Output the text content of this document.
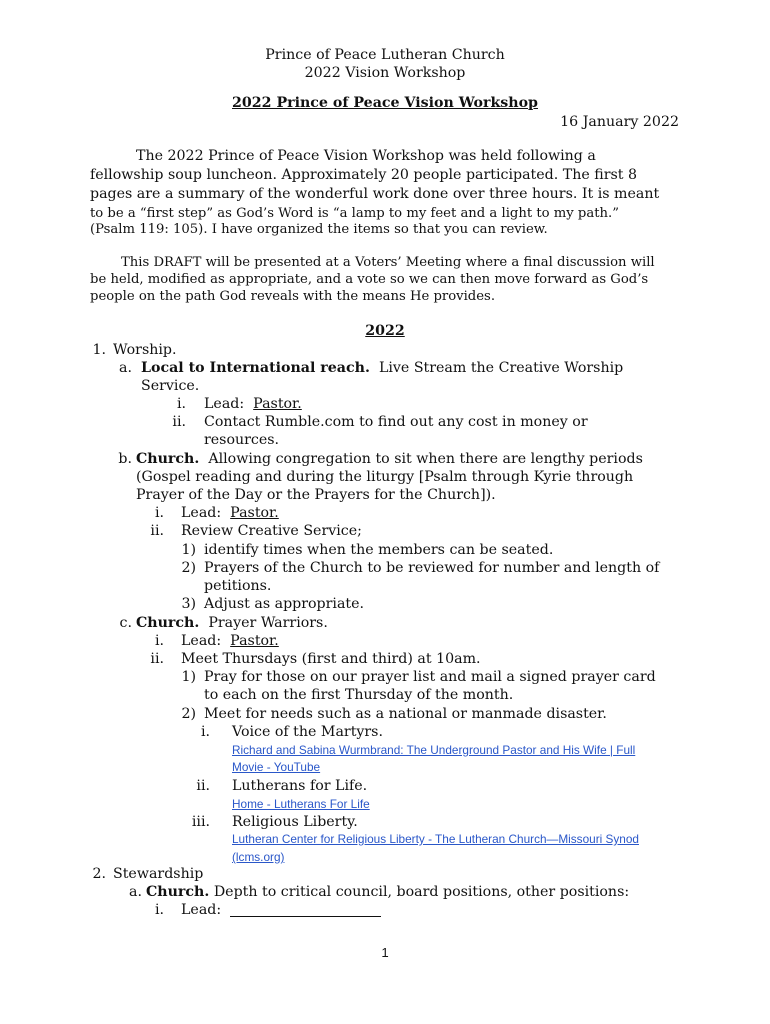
Prince of Peace Lutheran Church
2022 Vision Workshop
2022 Prince of Peace Vision Workshop
16 January 2022
The 2022 Prince of Peace Vision Workshop was held following a
fellowship soup luncheon. Approximately 20 people participated. The first 8
pages are a summary of the wonderful work done over three hours. It is meant
to be a “first step” as God’s Word is “a lamp to my feet and a light to my path.”
(Psalm 119: 105). I have organized the items so that you can review.
This DRAFT will be presented at a Voters’ Meeting where a final discussion will
be held, modified as appropriate, and a vote so we can then move forward as God’s
people on the path God reveals with the means He provides.
2022
1. Worship.
a. Local to International reach. Live Stream the Creative Worship
Service.
i. Lead: Pastor.
ii. Contact Rumble.com to find out any cost in money or
resources.
b. Church. Allowing congregation to sit when there are lengthy periods
(Gospel reading and during the liturgy [Psalm through Kyrie through
Prayer of the Day or the Prayers for the Church]).
i. Lead: Pastor.
ii. Review Creative Service;
1) identify times when the members can be seated.
2) Prayers of the Church to be reviewed for number and length of
petitions.
3) Adjust as appropriate.
c. Church. Prayer Warriors.
i. Lead: Pastor.
ii. Meet Thursdays (first and third) at 10am.
1) Pray for those on our prayer list and mail a signed prayer card
to each on the first Thursday of the month.
2) Meet for needs such as a national or manmade disaster.
i. Voice of the Martyrs.
Richard and Sabina Wurmbrand: The Underground Pastor and His Wife | Full
Movie - YouTube
ii. Lutherans for Life.
Home - Lutherans For Life
iii. Religious Liberty.
Lutheran Center for Religious Liberty - The Lutheran Church—Missouri Synod
(lcms.org)
2. Stewardship
a. Church. Depth to critical council, board positions, other positions:
i. Lead:
1
